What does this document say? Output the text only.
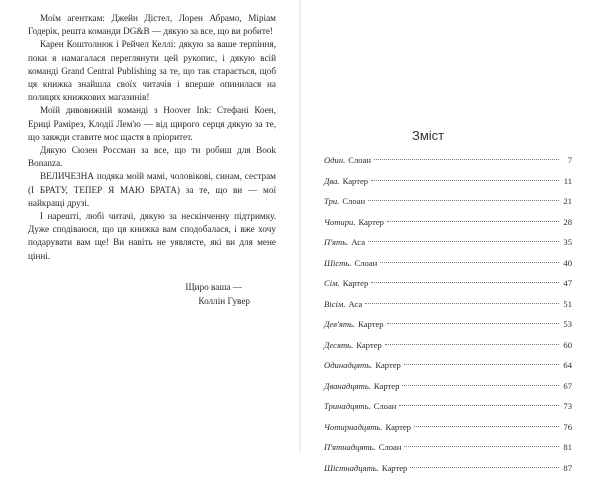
Моїм агенткам: Джейн Дістел, Лорен Абрамо, Міріам Годерік, решта команди DG&B — дякую за все, що ви робите!

Карен Коштолнюк і Рейчел Келлі: дякую за ваше терпіння, поки я намагалася переглянути цей рукопис, і дякую всій команді Grand Central Publishing за те, що так старається, щоб ця книжка знайшла своїх читачів і вперше опинилася на полицях книжкових магазинів!

Моїй дивовижній команді з Hoover Ink: Стефані Коен, Ериці Рамірез, Клодії Лем'ю — від щирого серця дякую за те, що завжди ставите моє щастя в пріоритет.

Дякую Сюзен Россман за все, що ти робиш для Book Bonanza.

ВЕЛИЧЕЗНА подяка моїй мамі, чоловікові, синам, сестрам (І БРАТУ, ТЕПЕР Я МАЮ БРАТА) за те, що ви — мої найкращі друзі.

І нарешті, любі читачі, дякую за нескінченну підтримку. Дуже сподіваюся, що ця книжка вам сподобалася, і вже хочу подарувати вам ще! Ви навіть не уявляєте, які ви для мене цінні.

Щиро ваша —
Коллін Гувер
Зміст
Один. Слоан	7
Два. Картер	11
Три. Слоан	21
Чотири. Картер	28
П'ять. Аса	35
Шість. Слоан	40
Сім. Картер	47
Вісім. Аса	51
Дев'ять. Картер	53
Десять. Картер	60
Одинадцять. Картер	64
Дванадцять. Картер	67
Тринадцять. Слоан	73
Чотирнадцять. Картер	76
П'ятнадцять. Слоан	81
Шістнадцять. Картер	87
